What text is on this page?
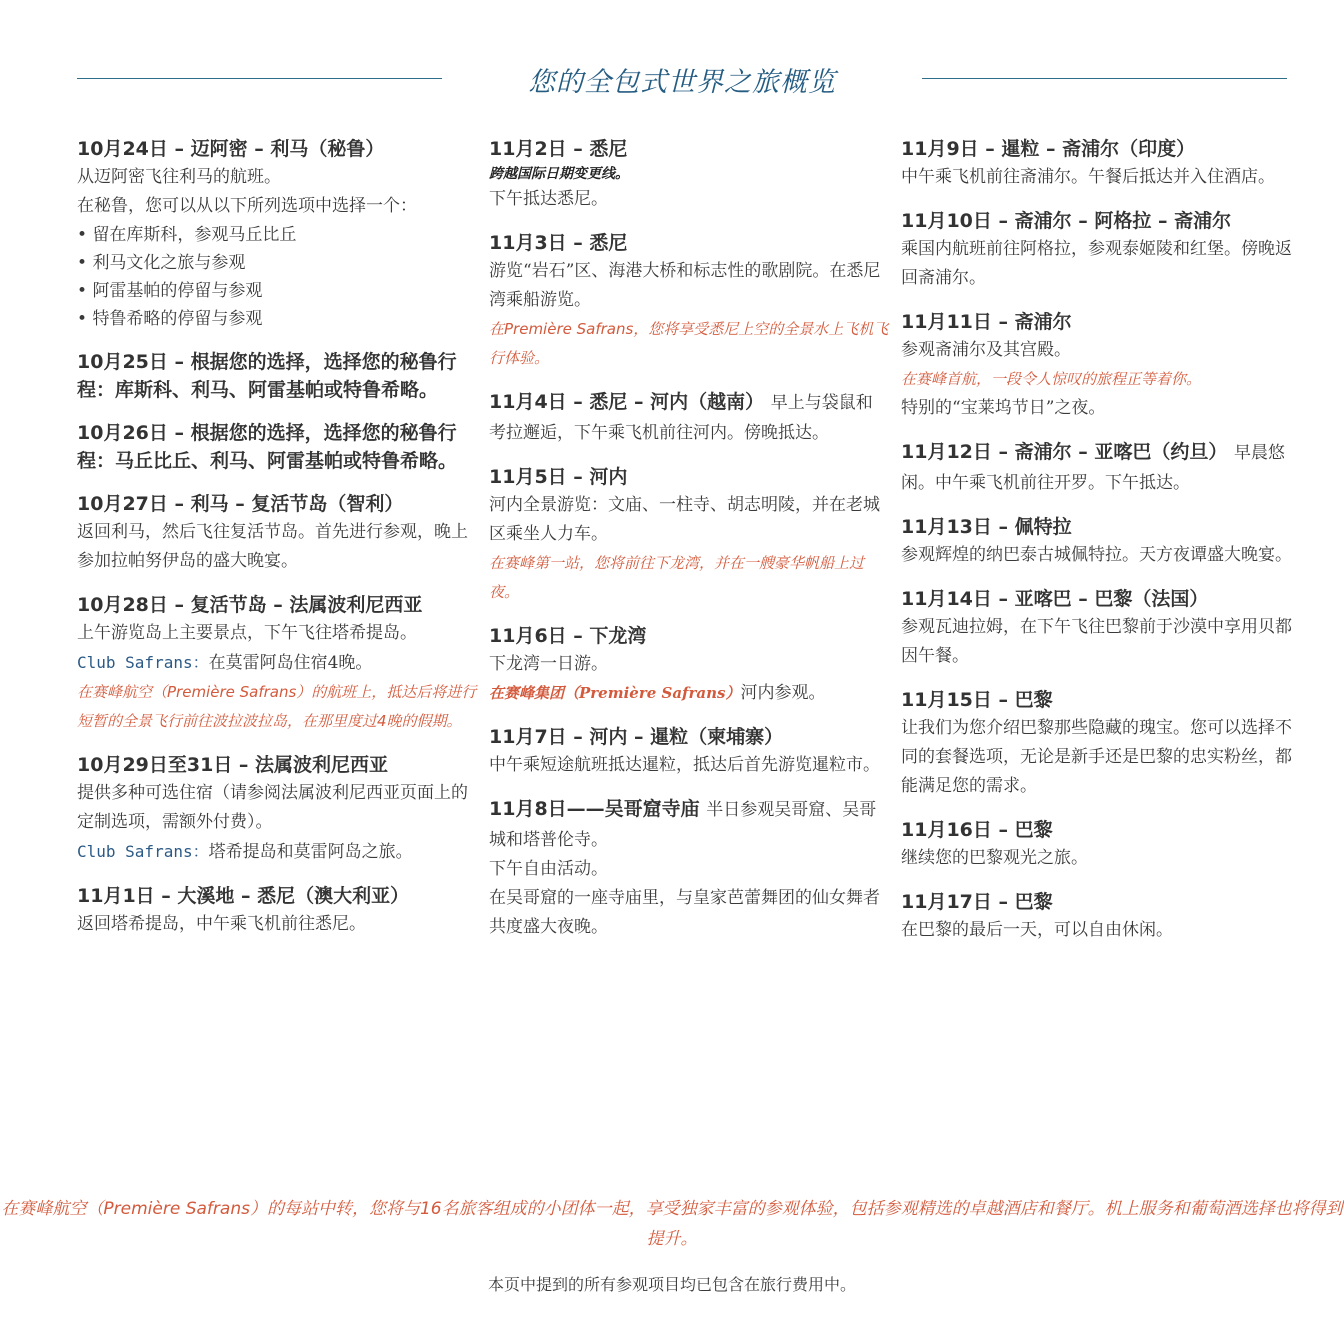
您的全包式世界之旅概览
10月24日 – 迈阿密 – 利马（秘鲁）
从迈阿密飞往利马的航班。
在秘鲁，您可以从以下所列选项中选择一个：
• 留在库斯科，参观马丘比丘
• 利马文化之旅与参观
• 阿雷基帕的停留与参观
• 特鲁希略的停留与参观
10月25日 – 根据您的选择，选择您的秘鲁行程：库斯科、利马、阿雷基帕或特鲁希略。
10月26日 – 根据您的选择，选择您的秘鲁行程：马丘比丘、利马、阿雷基帕或特鲁希略。
10月27日 – 利马 – 复活节岛（智利）
返回利马，然后飞往复活节岛。首先进行参观，晚上参加拉帕努伊岛的盛大晚宴。
10月28日 – 复活节岛 – 法属波利尼西亚
上午游览岛上主要景点，下午飞往塔希提岛。
Club Safrans：在莫雷阿岛住宿4晚。
在赛峰航空（Première Safrans）的航班上，抵达后将进行短暂的全景飞行前往波拉波拉岛，在那里度过4晚的假期。
10月29日至31日 – 法属波利尼西亚
提供多种可选住宿（请参阅法属波利尼西亚页面上的定制选项，需额外付费）。
Club Safrans：塔希提岛和莫雷阿岛之旅。
11月1日 – 大溪地 – 悉尼（澳大利亚）
返回塔希提岛，中午乘飞机前往悉尼。
11月2日 – 悉尼
跨越国际日期变更线。
下午抵达悉尼。
11月3日 – 悉尼
游览“岩石”区、海港大桥和标志性的歌剧院。在悉尼湾乘船游览。
在Première Safrans，您将享受悉尼上空的全景水上飞机飞行体验。
11月4日 – 悉尼 – 河内（越南） 早上与袋鼠和考拉邂逅，下午乘飞机前往河内。傍晚抵达。
11月5日 – 河内
河内全景游览：文庙、一柱寺、胡志明陵，并在老城区乘坐人力车。
在赛峰第一站，您将前往下龙湾，并在一艘豪华帆船上过夜。
11月6日 – 下龙湾
下龙湾一日游。
在赛峰集团（Première Safrans）河内参观。
11月7日 – 河内 – 暹粒（柬埔寨）
中午乘短途航班抵达暹粒，抵达后首先游览暹粒市。
11月8日——吴哥窟寺庙 半日参观吴哥窟、吴哥城和塔普伦寺。
下午自由活动。
在吴哥窟的一座寺庙里，与皇家芭蕾舞团的仙女舞者共度盛大夜晚。
11月9日 – 暹粒 – 斋浦尔（印度）
中午乘飞机前往斋浦尔。午餐后抵达并入住酒店。
11月10日 – 斋浦尔 – 阿格拉 – 斋浦尔
乘国内航班前往阿格拉，参观泰姬陵和红堡。傍晚返回斋浦尔。
11月11日 – 斋浦尔
参观斋浦尔及其宫殿。
在赛峰首航，一段令人惊叹的旅程正等着你。
特别的“宝莱坞节日”之夜。
11月12日 – 斋浦尔 – 亚喀巴（约旦） 早晨悠闲。中午乘飞机前往开罗。下午抵达。
11月13日 – 佩特拉
参观辉煌的纳巴泰古城佩特拉。天方夜谭盛大晚宴。
11月14日 – 亚喀巴 – 巴黎（法国）
参观瓦迪拉姆，在下午飞往巴黎前于沙漠中享用贝都因午餐。
11月15日 – 巴黎
让我们为您介绍巴黎那些隐藏的瑰宝。您可以选择不同的套餐选项，无论是新手还是巴黎的忠实粉丝，都能满足您的需求。
11月16日 – 巴黎
继续您的巴黎观光之旅。
11月17日 – 巴黎
在巴黎的最后一天，可以自由休闲。
在赛峰航空（Première Safrans）的每站中转，您将与16名旅客组成的小团体一起，享受独家丰富的参观体验，包括参观精选的卓越酒店和餐厅。机上服务和葡萄酒选择也将得到提升。
本页中提到的所有参观项目均已包含在旅行费用中。
